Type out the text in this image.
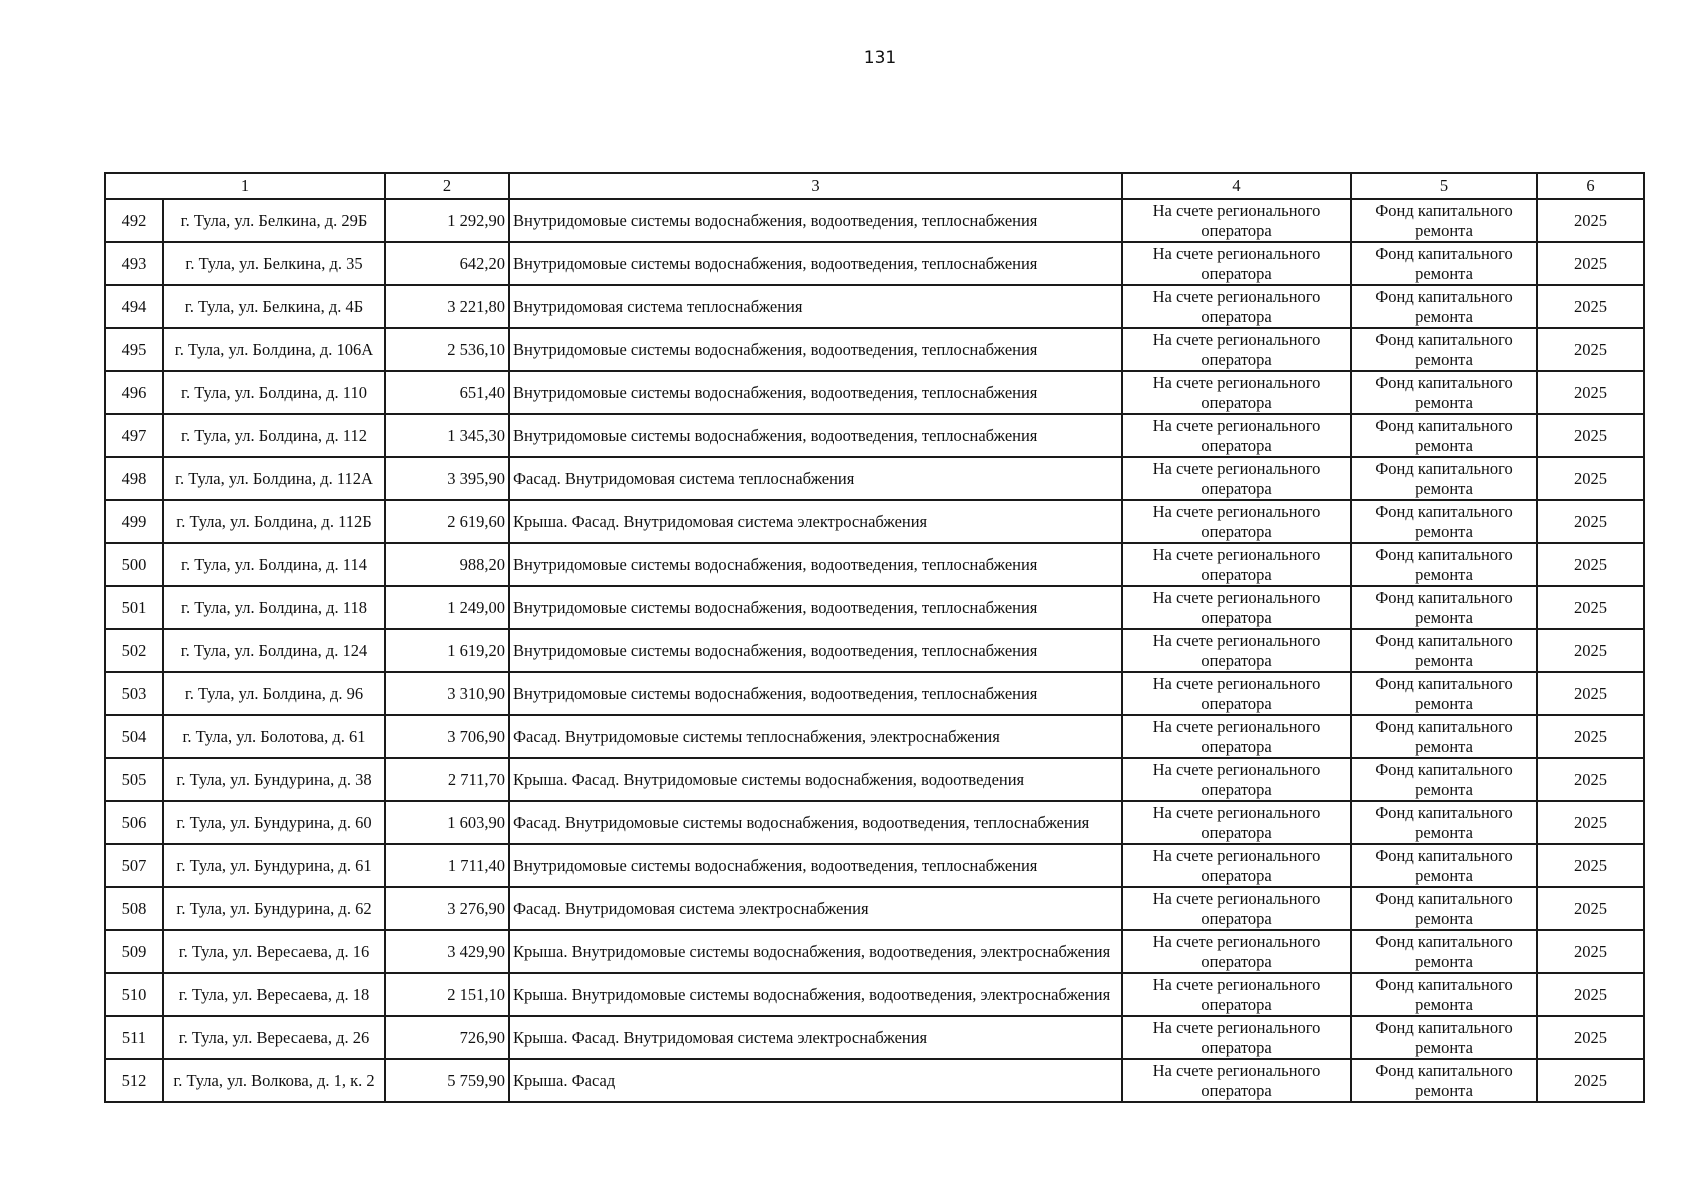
131
1		2	3	4	5	6
492	г. Тула, ул. Белкина, д. 29Б	1 292,90	Внутридомовые системы водоснабжения, водоотведения, теплоснабжения	На счете регионального оператора	Фонд капитального ремонта	2025
493	г. Тула, ул. Белкина, д. 35	642,20	Внутридомовые системы водоснабжения, водоотведения, теплоснабжения	На счете регионального оператора	Фонд капитального ремонта	2025
494	г. Тула, ул. Белкина, д. 4Б	3 221,80	Внутридомовая система теплоснабжения	На счете регионального оператора	Фонд капитального ремонта	2025
495	г. Тула, ул. Болдина, д. 106А	2 536,10	Внутридомовые системы водоснабжения, водоотведения, теплоснабжения	На счете регионального оператора	Фонд капитального ремонта	2025
496	г. Тула, ул. Болдина, д. 110	651,40	Внутридомовые системы водоснабжения, водоотведения, теплоснабжения	На счете регионального оператора	Фонд капитального ремонта	2025
497	г. Тула, ул. Болдина, д. 112	1 345,30	Внутридомовые системы водоснабжения, водоотведения, теплоснабжения	На счете регионального оператора	Фонд капитального ремонта	2025
498	г. Тула, ул. Болдина, д. 112А	3 395,90	Фасад. Внутридомовая система теплоснабжения	На счете регионального оператора	Фонд капитального ремонта	2025
499	г. Тула, ул. Болдина, д. 112Б	2 619,60	Крыша. Фасад. Внутридомовая система электроснабжения	На счете регионального оператора	Фонд капитального ремонта	2025
500	г. Тула, ул. Болдина, д. 114	988,20	Внутридомовые системы водоснабжения, водоотведения, теплоснабжения	На счете регионального оператора	Фонд капитального ремонта	2025
501	г. Тула, ул. Болдина, д. 118	1 249,00	Внутридомовые системы водоснабжения, водоотведения, теплоснабжения	На счете регионального оператора	Фонд капитального ремонта	2025
502	г. Тула, ул. Болдина, д. 124	1 619,20	Внутридомовые системы водоснабжения, водоотведения, теплоснабжения	На счете регионального оператора	Фонд капитального ремонта	2025
503	г. Тула, ул. Болдина, д. 96	3 310,90	Внутридомовые системы водоснабжения, водоотведения, теплоснабжения	На счете регионального оператора	Фонд капитального ремонта	2025
504	г. Тула, ул. Болотова, д. 61	3 706,90	Фасад. Внутридомовые системы теплоснабжения, электроснабжения	На счете регионального оператора	Фонд капитального ремонта	2025
505	г. Тула, ул. Бундурина, д. 38	2 711,70	Крыша. Фасад. Внутридомовые системы водоснабжения, водоотведения	На счете регионального оператора	Фонд капитального ремонта	2025
506	г. Тула, ул. Бундурина, д. 60	1 603,90	Фасад. Внутридомовые системы водоснабжения, водоотведения, теплоснабжения	На счете регионального оператора	Фонд капитального ремонта	2025
507	г. Тула, ул. Бундурина, д. 61	1 711,40	Внутридомовые системы водоснабжения, водоотведения, теплоснабжения	На счете регионального оператора	Фонд капитального ремонта	2025
508	г. Тула, ул. Бундурина, д. 62	3 276,90	Фасад. Внутридомовая система электроснабжения	На счете регионального оператора	Фонд капитального ремонта	2025
509	г. Тула, ул. Вересаева, д. 16	3 429,90	Крыша. Внутридомовые системы водоснабжения, водоотведения, электроснабжения	На счете регионального оператора	Фонд капитального ремонта	2025
510	г. Тула, ул. Вересаева, д. 18	2 151,10	Крыша. Внутридомовые системы водоснабжения, водоотведения, электроснабжения	На счете регионального оператора	Фонд капитального ремонта	2025
511	г. Тула, ул. Вересаева, д. 26	726,90	Крыша. Фасад. Внутридомовая система электроснабжения	На счете регионального оператора	Фонд капитального ремонта	2025
512	г. Тула, ул. Волкова, д. 1, к. 2	5 759,90	Крыша. Фасад	На счете регионального оператора	Фонд капитального ремонта	2025
